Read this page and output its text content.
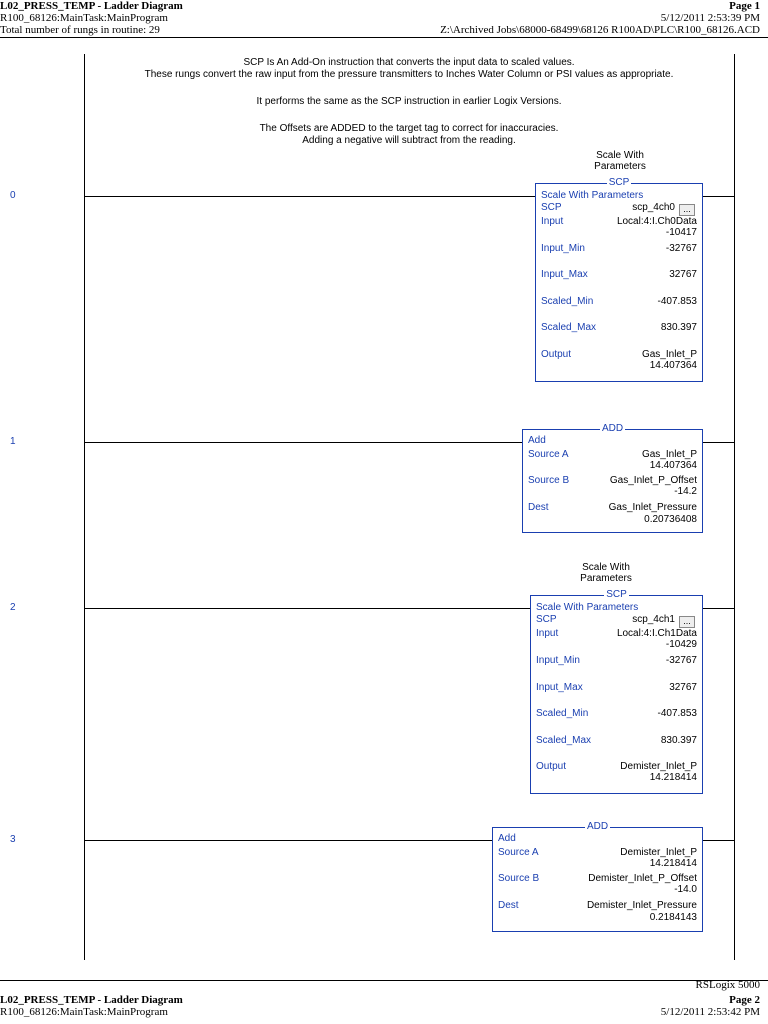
L02_PRESS_TEMP - Ladder Diagram
R100_68126:MainTask:MainProgram
Total number of rungs in routine: 29
Page 1
5/12/2011 2:53:39 PM
Z:\Archived Jobs\68000-68499\68126 R100AD\PLC\R100_68126.ACD
SCP Is An Add-On instruction that converts the input data to scaled values.
These rungs convert the raw input from the pressure transmitters to Inches Water Column or PSI values as appropriate.
It performs the same as the SCP instruction in earlier Logix Versions.
The Offsets are ADDED to the target tag to correct for inaccuracies.
Adding a negative will subtract from the reading.
0
Scale With
Parameters
SCP
Scale With Parameters
SCP	scp_4ch0 ...
Input	Local:4:I.Ch0Data
-10417
Input_Min	-32767
Input_Max	32767
Scaled_Min	-407.853
Scaled_Max	830.397
Output	Gas_Inlet_P
14.407364
1
ADD
Add
Source A	Gas_Inlet_P
14.407364
Source B	Gas_Inlet_P_Offset
-14.2
Dest	Gas_Inlet_Pressure
0.20736408
2
Scale With
Parameters
SCP
Scale With Parameters
SCP	scp_4ch1 ...
Input	Local:4:I.Ch1Data
-10429
Input_Min	-32767
Input_Max	32767
Scaled_Min	-407.853
Scaled_Max	830.397
Output	Demister_Inlet_P
14.218414
3
ADD
Add
Source A	Demister_Inlet_P
14.218414
Source B	Demister_Inlet_P_Offset
-14.0
Dest	Demister_Inlet_Pressure
0.2184143
RSLogix 5000
L02_PRESS_TEMP - Ladder Diagram
R100_68126:MainTask:MainProgram
Page 2
5/12/2011 2:53:42 PM
